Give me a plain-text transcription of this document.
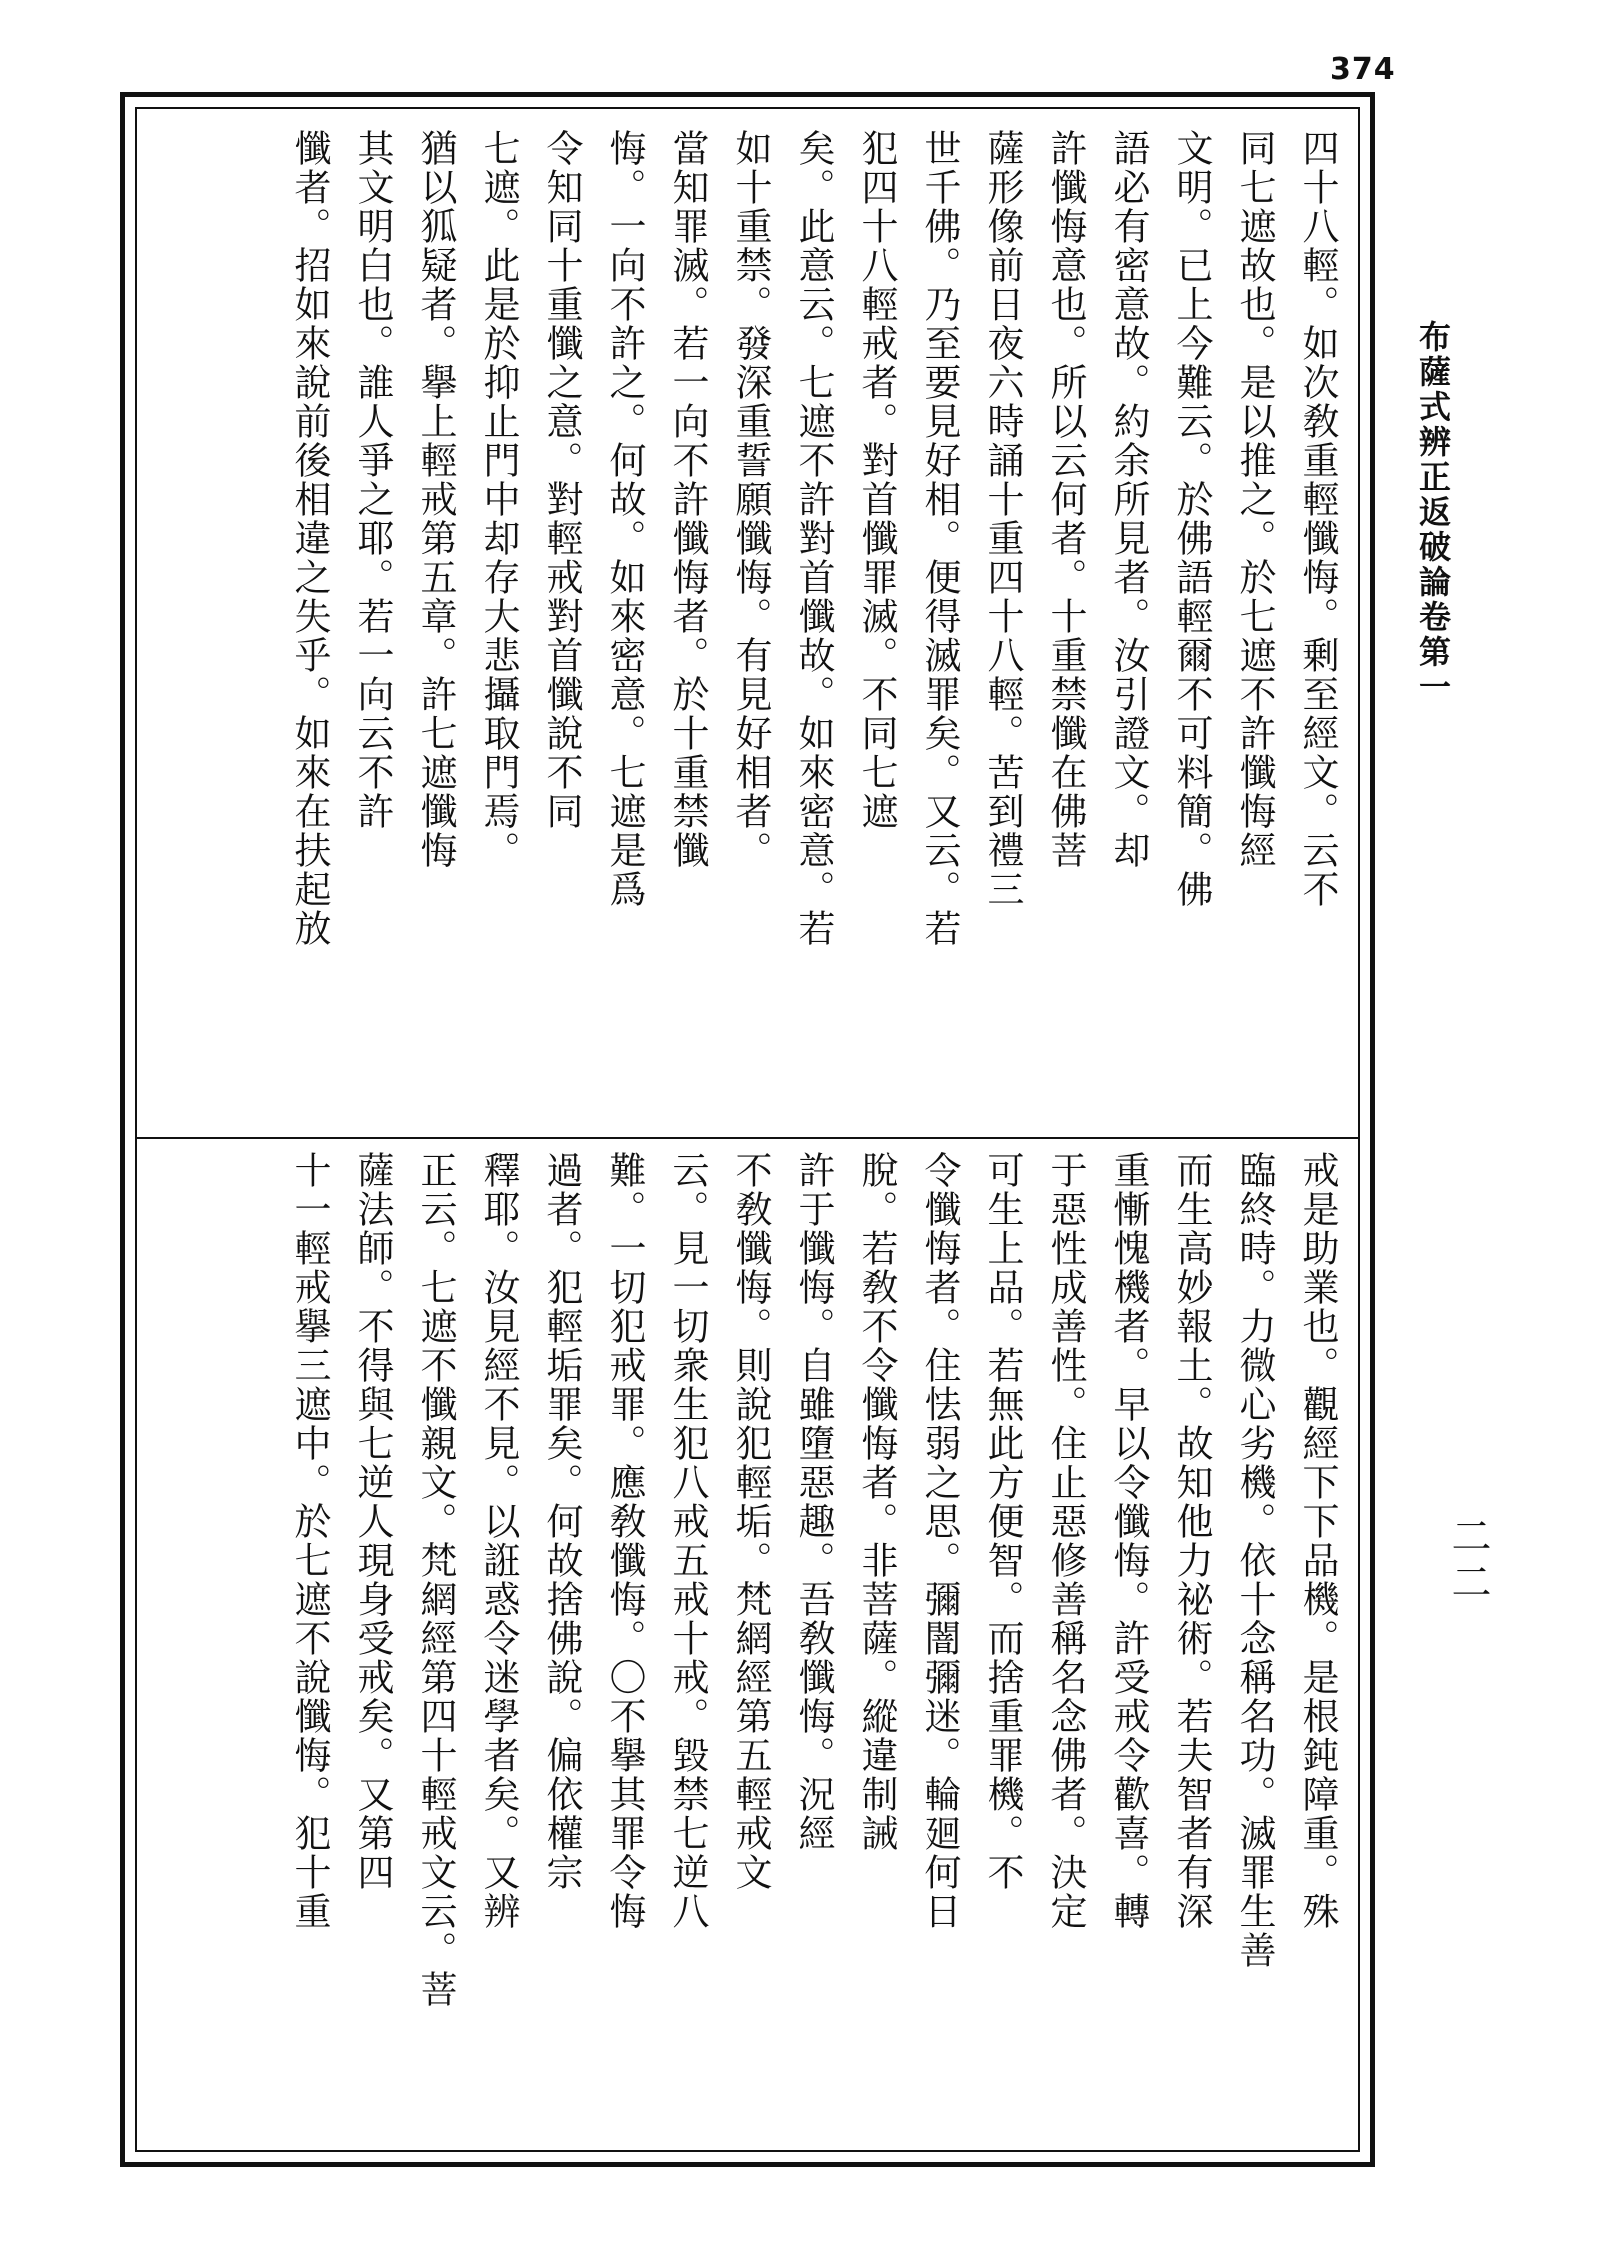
374
布薩式辨正返破論卷第一
二二
四十八輕。如次敎重輕懺悔。剰至經文。云不
同七遮故也。是以推之。於七遮不許懺悔經
文明。已上今難云。於佛語輕爾不可料簡。佛
語必有密意故。約余所見者。汝引證文。却
許懺悔意也。所以云何者。十重禁懺在佛菩
薩形像前日夜六時誦十重四十八輕。苦到禮三
世千佛。乃至要見好相。便得滅罪矣。又云。若
犯四十八輕戒者。對首懺罪滅。不同七遮
矣。此意云。七遮不許對首懺故。如來密意。若
如十重禁。發深重誓願懺悔。有見好相者。
當知罪滅。若一向不許懺悔者。於十重禁懺
悔。一向不許之。何故。如來密意。七遮是爲
令知同十重懺之意。對輕戒對首懺說不同
七遮。此是於抑止門中却存大悲攝取門焉。
猶以狐疑者。擧上輕戒第五章。許七遮懺悔
其文明白也。誰人爭之耶。若一向云不許
懺者。招如來說前後相違之失乎。如來在扶起放
戒是助業也。觀經下下品機。是根鈍障重。殊
臨終時。力微心劣機。依十念稱名功。滅罪生善
而生高妙報土。故知他力祕術。若夫智者有深
重慚愧機者。早以令懺悔。許受戒令歡喜。轉
于惡性成善性。住止惡修善稱名念佛者。決定
可生上品。若無此方便智。而捨重罪機。不
令懺悔者。住怯弱之思。彌闇彌迷。輪廻何日
脫。若敎不令懺悔者。非菩薩。縱違制誡
許于懺悔。自雖墮惡趣。吾敎懺悔。況經
不敎懺悔。則說犯輕垢。梵網經第五輕戒文
云。見一切衆生犯八戒五戒十戒。毀禁七逆八
難。一切犯戒罪。應敎懺悔。〇不擧其罪令悔
過者。犯輕垢罪矣。何故捨佛說。偏依權宗
釋耶。汝見經不見。以誑惑令迷學者矣。又辨
正云。七遮不懺親文。梵網經第四十輕戒文云。菩
薩法師。不得與七逆人現身受戒矣。又第四
十一輕戒擧三遮中。於七遮不說懺悔。犯十重
